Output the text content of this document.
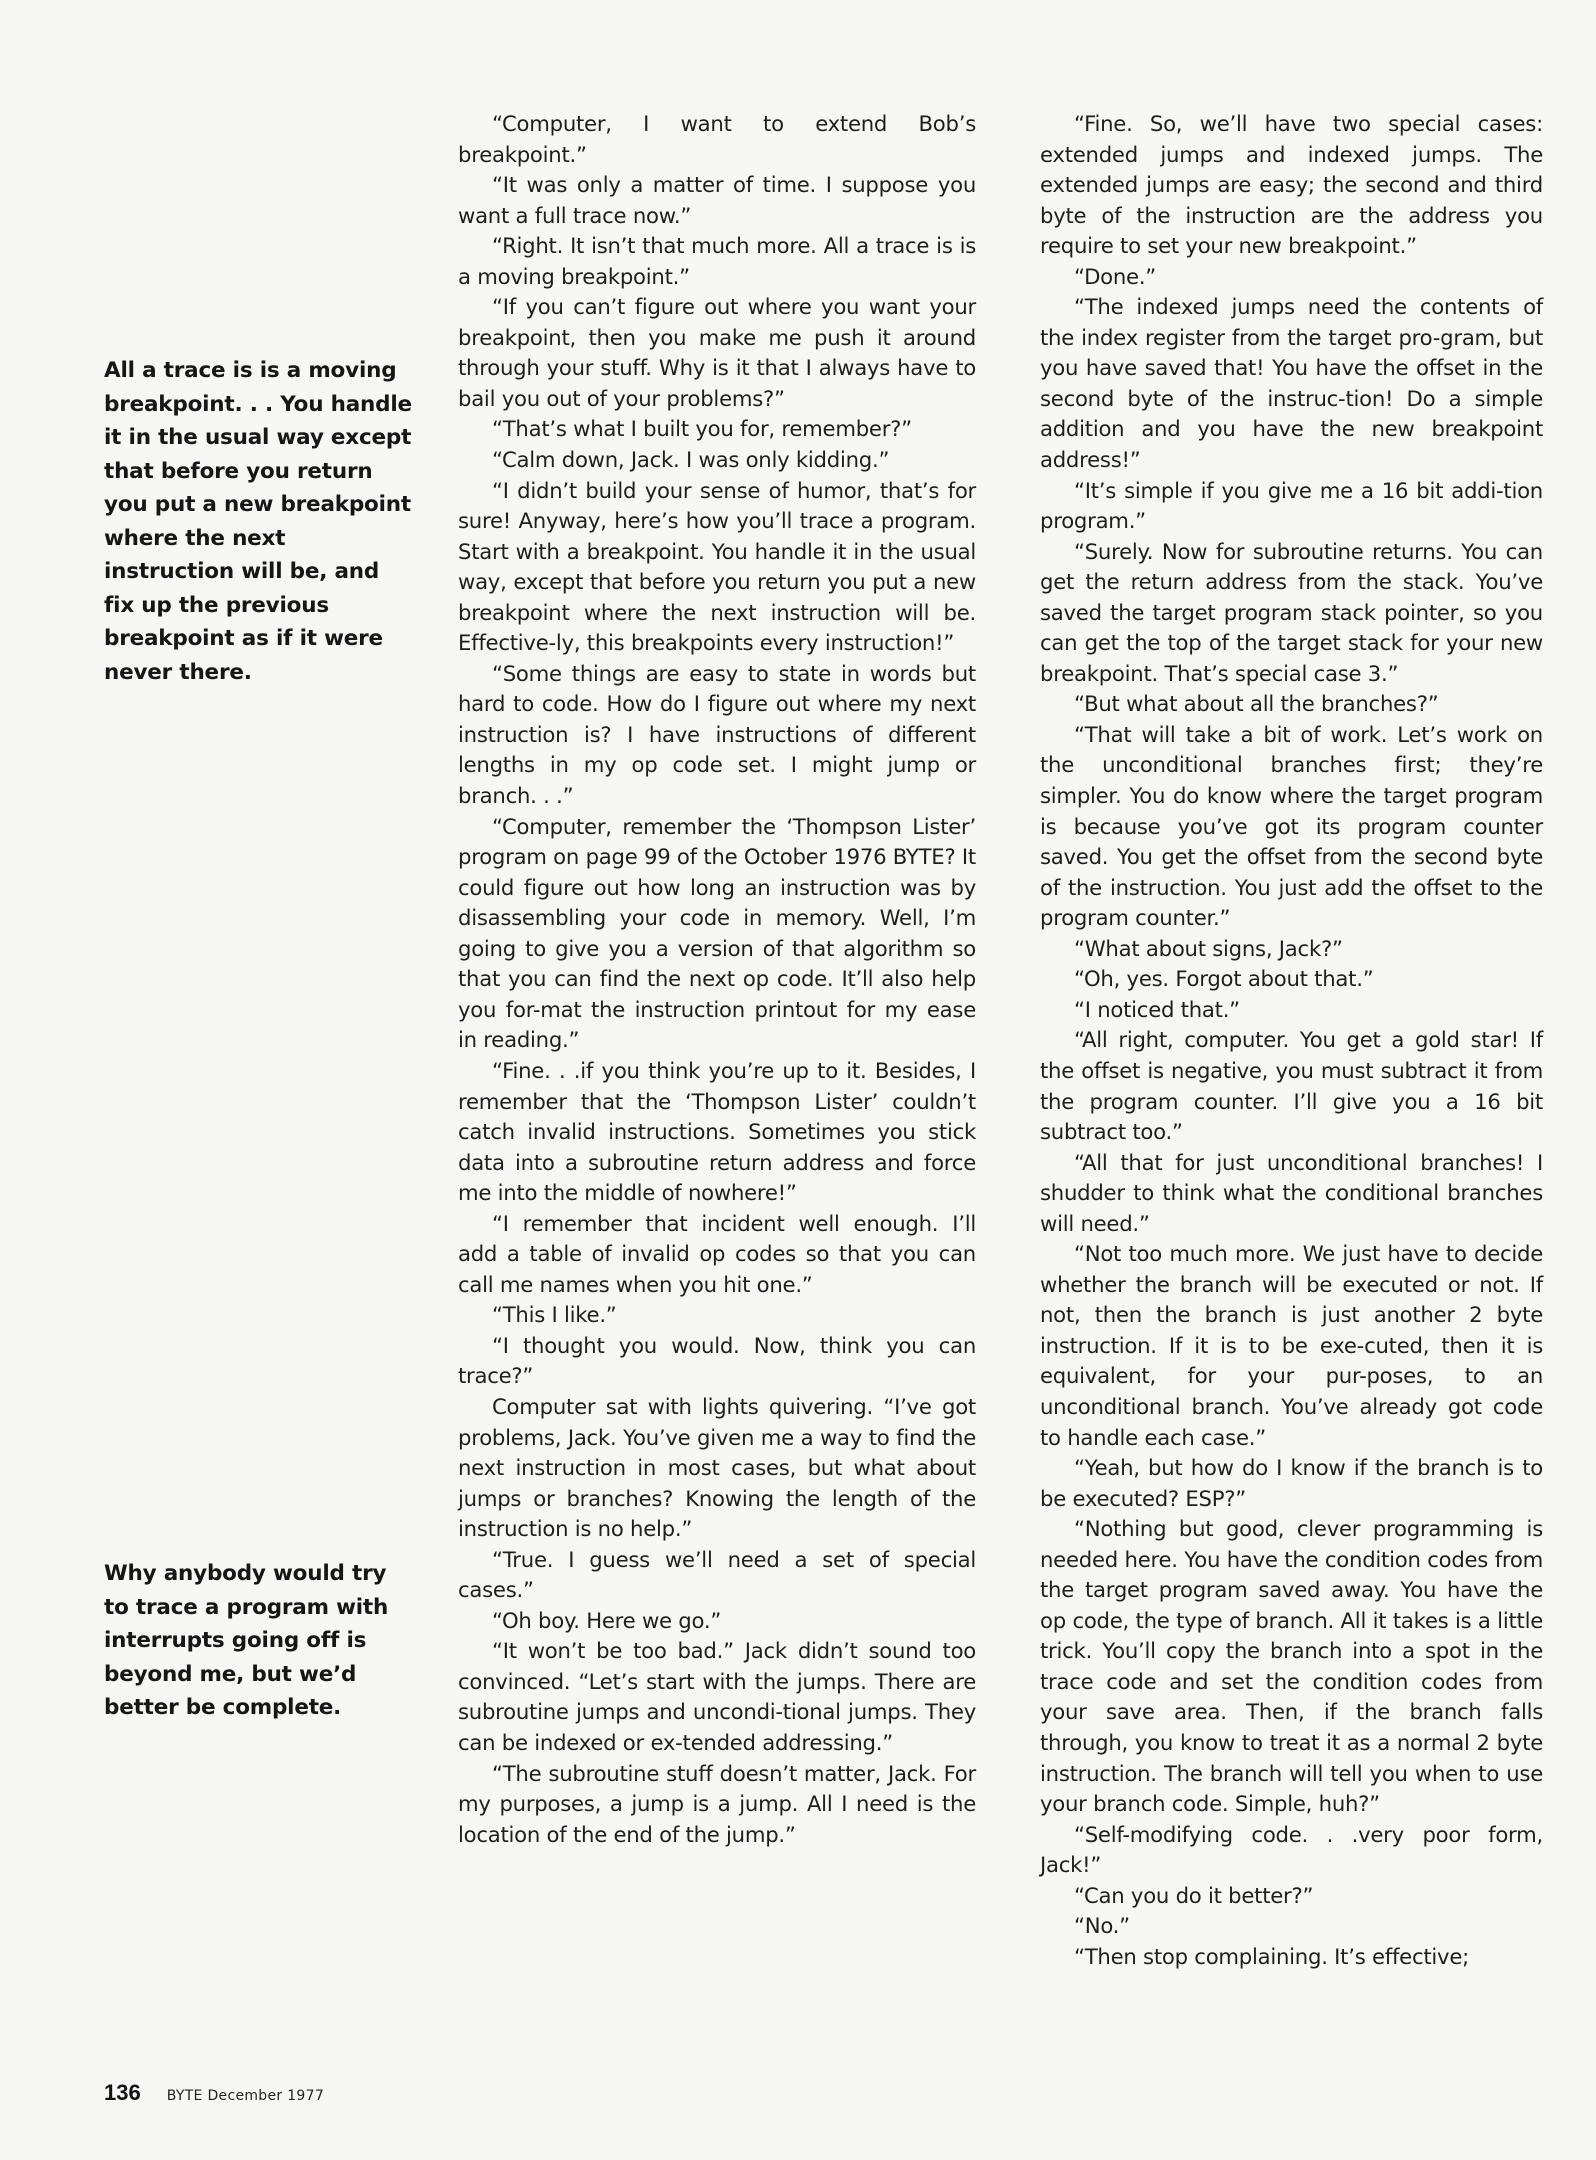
All a trace is is a moving breakpoint. . . You handle it in the usual way except that before you return you put a new breakpoint where the next instruction will be, and fix up the previous breakpoint as if it were never there.
Why anybody would try to trace a program with interrupts going off is beyond me, but we’d better be complete.

“Computer, I want to extend Bob’s breakpoint.”

“It was only a matter of time. I suppose you want a full trace now.”

“Right. It isn’t that much more. All a trace is is a moving breakpoint.”

“If you can’t figure out where you want your breakpoint, then you make me push it around through your stuff. Why is it that I always have to bail you out of your problems?”

“That’s what I built you for, remember?”

“Calm down, Jack. I was only kidding.”

“I didn’t build your sense of humor, that’s for sure! Anyway, here’s how you’ll trace a program. Start with a breakpoint. You handle it in the usual way, except that before you return you put a new breakpoint where the next instruction will be. Effective-ly, this breakpoints every instruction!”

“Some things are easy to state in words but hard to code. How do I figure out where my next instruction is? I have instructions of different lengths in my op code set. I might jump or branch. . .”

“Computer, remember the ‘Thompson Lister’ program on page 99 of the October 1976 BYTE? It could figure out how long an instruction was by disassembling your code in memory. Well, I’m going to give you a version of that algorithm so that you can find the next op code. It’ll also help you for-mat the instruction printout for my ease in reading.”

“Fine. . .if you think you’re up to it. Besides, I remember that the ‘Thompson Lister’ couldn’t catch invalid instructions. Sometimes you stick data into a subroutine return address and force me into the middle of nowhere!”

“I remember that incident well enough. I’ll add a table of invalid op codes so that you can call me names when you hit one.”

“This I like.”

“I thought you would. Now, think you can trace?”

Computer sat with lights quivering. “I’ve got problems, Jack. You’ve given me a way to find the next instruction in most cases, but what about jumps or branches? Knowing the length of the instruction is no help.”

“True. I guess we’ll need a set of special cases.”

“Oh boy. Here we go.”

“It won’t be too bad.” Jack didn’t sound too convinced. “Let’s start with the jumps. There are subroutine jumps and uncondi-tional jumps. They can be indexed or ex-tended addressing.”

“The subroutine stuff doesn’t matter, Jack. For my purposes, a jump is a jump. All I need is the location of the end of the jump.”

“Fine. So, we’ll have two special cases: extended jumps and indexed jumps. The extended jumps are easy; the second and third byte of the instruction are the address you require to set your new breakpoint.”

“Done.”

“The indexed jumps need the contents of the index register from the target pro-gram, but you have saved that! You have the offset in the second byte of the instruc-tion! Do a simple addition and you have the new breakpoint address!”

“It’s simple if you give me a 16 bit addi-tion program.”

“Surely. Now for subroutine returns. You can get the return address from the stack. You’ve saved the target program stack pointer, so you can get the top of the target stack for your new breakpoint. That’s special case 3.”

“But what about all the branches?”

“That will take a bit of work. Let’s work on the unconditional branches first; they’re simpler. You do know where the target program is because you’ve got its program counter saved. You get the offset from the second byte of the instruction. You just add the offset to the program counter.”

“What about signs, Jack?”

“Oh, yes. Forgot about that.”

“I noticed that.”

“All right, computer. You get a gold star! If the offset is negative, you must subtract it from the program counter. I’ll give you a 16 bit subtract too.”

“All that for just unconditional branches! I shudder to think what the conditional branches will need.”

“Not too much more. We just have to decide whether the branch will be executed or not. If not, then the branch is just another 2 byte instruction. If it is to be exe-cuted, then it is equivalent, for your pur-poses, to an unconditional branch. You’ve already got code to handle each case.”

“Yeah, but how do I know if the branch is to be executed? ESP?”

“Nothing but good, clever programming is needed here. You have the condition codes from the target program saved away. You have the op code, the type of branch. All it takes is a little trick. You’ll copy the branch into a spot in the trace code and set the condition codes from your save area. Then, if the branch falls through, you know to treat it as a normal 2 byte instruction. The branch will tell you when to use your branch code. Simple, huh?”

“Self-modifying code. . .very poor form, Jack!”

“Can you do it better?”

“No.”

“Then stop complaining. It’s effective;

136 BYTE December 1977
